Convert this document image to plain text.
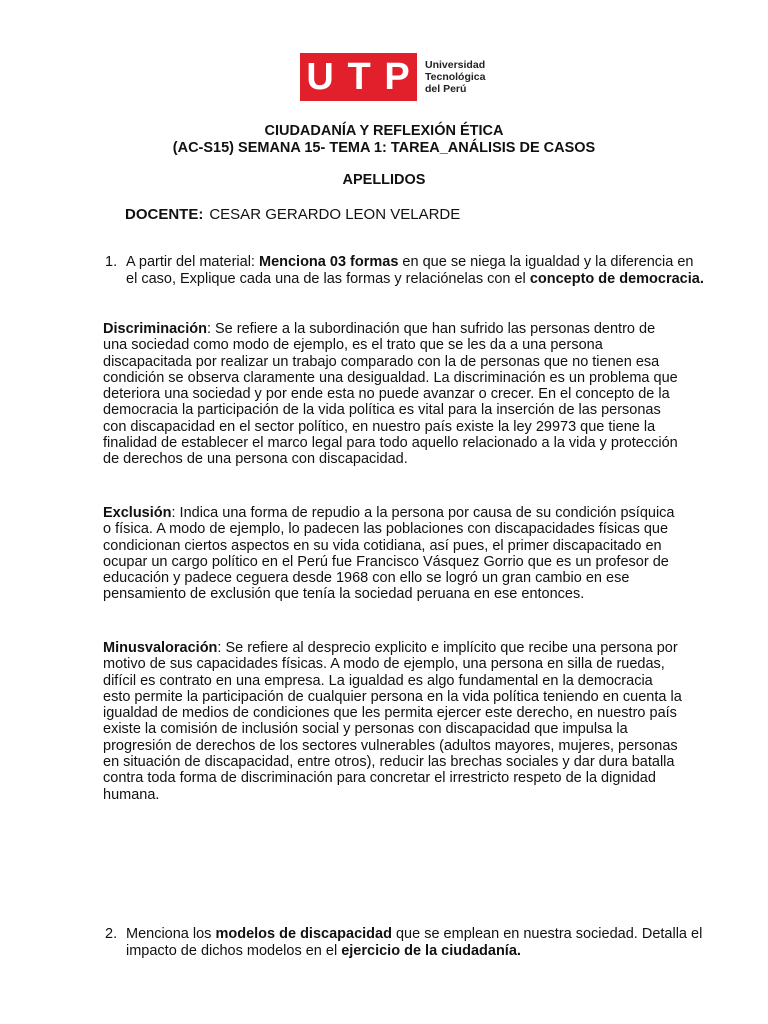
U T P Universidad
Tecnológica
del Perú
CIUDADANÍA Y REFLEXIÓN ÉTICA
(AC-S15) SEMANA 15- TEMA 1: TAREA_ANÁLISIS DE CASOS
APELLIDOS
DOCENTE: CESAR GERARDO LEON VELARDE
1. A partir del material: Menciona 03 formas en que se niega la igualdad y la diferencia en el caso, Explique cada una de las formas y relaciónelas con el concepto de democracia.
Discriminación: Se refiere a la subordinación que han sufrido las personas dentro de una sociedad como modo de ejemplo, es el trato que se les da a una persona discapacitada por realizar un trabajo comparado con la de personas que no tienen esa condición se observa claramente una desigualdad. La discriminación es un problema que deteriora una sociedad y por ende esta no puede avanzar o crecer. En el concepto de la democracia la participación de la vida política es vital para la inserción de las personas con discapacidad en el sector político, en nuestro país existe la ley 29973 que tiene la finalidad de establecer el marco legal para todo aquello relacionado a la vida y protección de derechos de una persona con discapacidad.
Exclusión: Indica una forma de repudio a la persona por causa de su condición psíquica o física. A modo de ejemplo, lo padecen las poblaciones con discapacidades físicas que condicionan ciertos aspectos en su vida cotidiana, así pues, el primer discapacitado en ocupar un cargo político en el Perú fue Francisco Vásquez Gorrio que es un profesor de educación y padece ceguera desde 1968 con ello se logró un gran cambio en ese pensamiento de exclusión que tenía la sociedad peruana en ese entonces.
Minusvaloración: Se refiere al desprecio explicito e implícito que recibe una persona por motivo de sus capacidades físicas. A modo de ejemplo, una persona en silla de ruedas, difícil es contrato en una empresa. La igualdad es algo fundamental en la democracia esto permite la participación de cualquier persona en la vida política teniendo en cuenta la igualdad de medios de condiciones que les permita ejercer este derecho, en nuestro país existe la comisión de inclusión social y personas con discapacidad que impulsa la progresión de derechos de los sectores vulnerables (adultos mayores, mujeres, personas en situación de discapacidad, entre otros), reducir las brechas sociales y dar dura batalla contra toda forma de discriminación para concretar el irrestricto respeto de la dignidad humana.
2. Menciona los modelos de discapacidad que se emplean en nuestra sociedad. Detalla el impacto de dichos modelos en el ejercicio de la ciudadanía.
